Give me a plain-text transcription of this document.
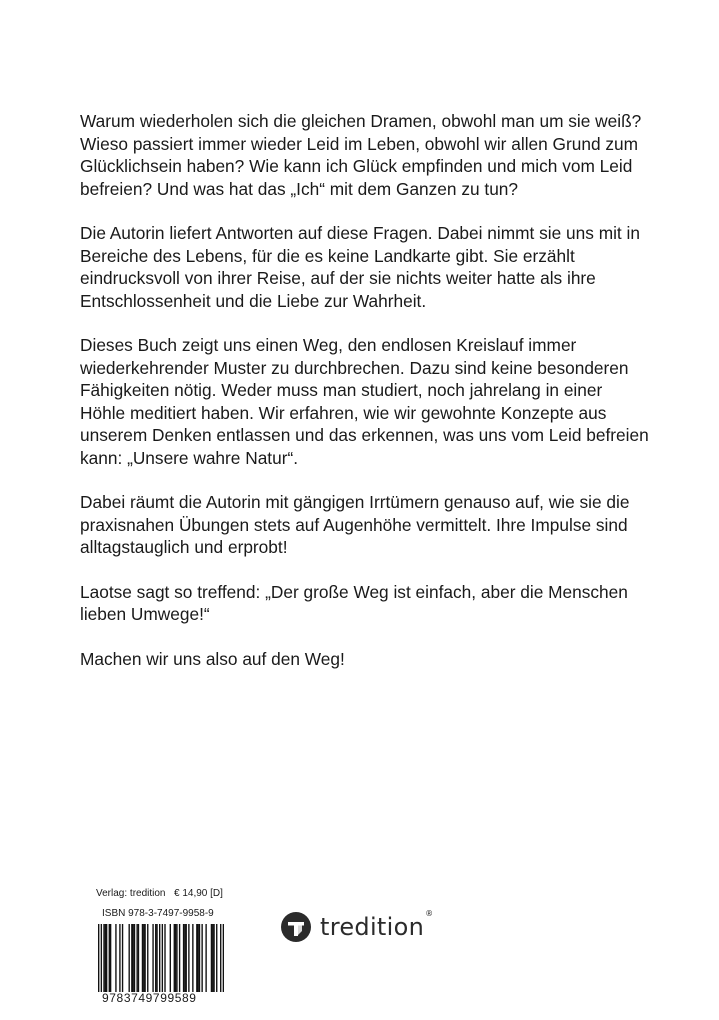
Warum wiederholen sich die gleichen Dramen, obwohl man um sie weiß?
Wieso passiert immer wieder Leid im Leben, obwohl wir allen Grund zum
Glücklichsein haben? Wie kann ich Glück empfinden und mich vom Leid
befreien? Und was hat das „Ich“ mit dem Ganzen zu tun?

Die Autorin liefert Antworten auf diese Fragen. Dabei nimmt sie uns mit in
Bereiche des Lebens, für die es keine Landkarte gibt. Sie erzählt
eindrucksvoll von ihrer Reise, auf der sie nichts weiter hatte als ihre
Entschlossenheit und die Liebe zur Wahrheit.

Dieses Buch zeigt uns einen Weg, den endlosen Kreislauf immer
wiederkehrender Muster zu durchbrechen. Dazu sind keine besonderen
Fähigkeiten nötig. Weder muss man studiert, noch jahrelang in einer
Höhle meditiert haben. Wir erfahren, wie wir gewohnte Konzepte aus
unserem Denken entlassen und das erkennen, was uns vom Leid befreien
kann: „Unsere wahre Natur“.

Dabei räumt die Autorin mit gängigen Irrtümern genauso auf, wie sie die
praxisnahen Übungen stets auf Augenhöhe vermittelt. Ihre Impulse sind
alltagstauglich und erprobt!

Laotse sagt so treffend: „Der große Weg ist einfach, aber die Menschen
lieben Umwege!“

Machen wir uns also auf den Weg!

Verlag: tredition € 14,90 [D]
ISBN 978-3-7497-9958-9
9783749799589
tredition®
